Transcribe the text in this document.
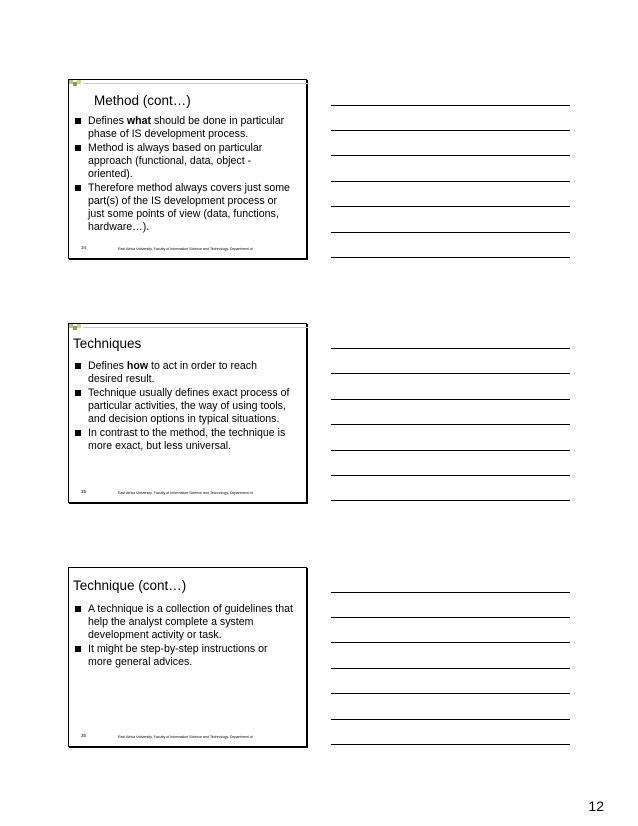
Method (cont…)
Defines what should be done in particular phase of IS development process.
Method is always based on particular approach (functional, data, object - oriented).
Therefore method always covers just some part(s) of the IS development process or just some points of view (data, functions, hardware…).
34	East Africa University, Faculty of Information Science and Technology, Department of
Techniques
Defines how to act in order to reach desired result.
Technique usually defines exact process of particular activities, the way of using tools, and decision options in typical situations.
In contrast to the method, the technique is more exact, but less universal.
35	East Africa University, Faculty of Information Science and Technology, Department of
Technique (cont…)
A technique is a collection of guidelines that help the analyst complete a system development activity or task.
It might be step-by-step instructions or more general advices.
36	East Africa University, Faculty of Information Science and Technology, Department of
12
